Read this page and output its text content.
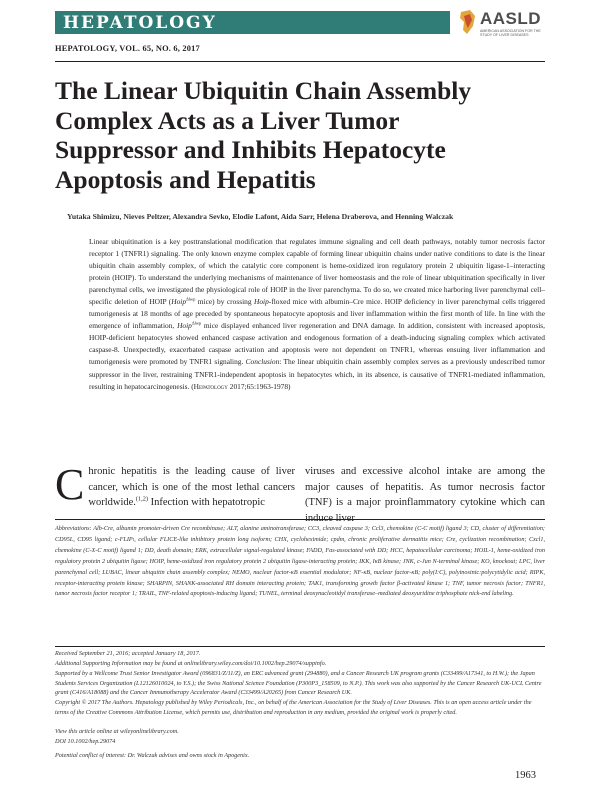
HEPATOLOGY	AASLD
AMERICAN ASSOCIATION FOR THE STUDY OF LIVER DISEASES
HEPATOLOGY, VOL. 65, NO. 6, 2017
The Linear Ubiquitin Chain Assembly Complex Acts as a Liver Tumor Suppressor and Inhibits Hepatocyte Apoptosis and Hepatitis
Yutaka Shimizu, Nieves Peltzer, Alexandra Sevko, Elodie Lafont, Aida Sarr, Helena Draberova, and Henning Walczak

Linear ubiquitination is a key posttranslational modification that regulates immune signaling and cell death pathways, notably tumor necrosis factor receptor 1 (TNFR1) signaling. The only known enzyme complex capable of forming linear ubiquitin chains under native conditions to date is the linear ubiquitin chain assembly complex, of which the catalytic core component is heme-oxidized iron regulatory protein 2 ubiquitin ligase-1–interacting protein (HOIP). To understand the underlying mechanisms of maintenance of liver homeostasis and the role of linear ubiquitination specifically in liver parenchymal cells, we investigated the physiological role of HOIP in the liver parenchyma. To do so, we created mice harboring liver parenchymal cell–specific deletion of HOIP (Hoip$^{\Delta hep}$ mice) by crossing Hoip-floxed mice with albumin–Cre mice. HOIP deficiency in liver parenchymal cells triggered tumorigenesis at 18 months of age preceded by spontaneous hepatocyte apoptosis and liver inflammation within the first month of life. In line with the emergence of inflammation, Hoip$^{\Delta hep}$ mice displayed enhanced liver regeneration and DNA damage. In addition, consistent with increased apoptosis, HOIP-deficient hepatocytes showed enhanced caspase activation and endogenous formation of a death-inducing signaling complex which activated caspase-8. Unexpectedly, exacerbated caspase activation and apoptosis were not dependent on TNFR1, whereas ensuing liver inflammation and tumorigenesis were promoted by TNFR1 signaling. Conclusion: The linear ubiquitin chain assembly complex serves as a previously undescribed tumor suppressor in the liver, restraining TNFR1-independent apoptosis in hepatocytes which, in its absence, is causative of TNFR1-mediated inflammation, resulting in hepatocarcinogenesis. (Hepatology 2017;65:1963-1978)

Chronic hepatitis is the leading cause of liver cancer, which is one of the most lethal cancers worldwide.$^{(1,2)}$ Infection with hepatotropic

viruses and excessive alcohol intake are among the major causes of hepatitis. As tumor necrosis factor (TNF) is a major proinflammatory cytokine which can induce liver

Abbreviations: Alb-Cre, albumin promoter-driven Cre recombinase; ALT, alanine aminotransferase; CC3, cleaved caspase 3; Ccl3, chemokine (C-C motif) ligand 3; CD, cluster of differentiation; CD95L, CD95 ligand; c-FLIPₗ, cellular FLICE-like inhibitory protein long isoform; CHX, cycloheximide; cpdm, chronic proliferative dermatitis mice; Cre, cyclization recombination; Cxcl1, chemokine (C-X-C motif) ligand 1; DD, death domain; ERK, extracellular signal-regulated kinase; FADD, Fas-associated with DD; HCC, hepatocellular carcinoma; HOIL-1, heme-oxidized iron regulatory protein 2 ubiquitin ligase; HOIP, heme-oxidized iron regulatory protein 2 ubiquitin ligase-interacting protein; IKK, IκB kinase; JNK, c-Jun N-terminal kinase; KO, knockout; LPC, liver parenchymal cell; LUBAC, linear ubiquitin chain assembly complex; NEMO, nuclear factor-κB essential modulator; NF-κB, nuclear factor-κB; poly(I:C), polyinosinic:polycytidylic acid; RIPK, receptor-interacting protein kinase; SHARPIN, SHANK-associated RH domain interacting protein; TAK1, transforming growth factor β-activated kinase 1; TNF, tumor necrosis factor; TNFR1, tumor necrosis factor receptor 1; TRAIL, TNF-related apoptosis-inducing ligand; TUNEL, terminal deoxynucleotidyl transferase–mediated deoxyuridine triphosphate nick-end labeling.

Received September 21, 2016; accepted January 18, 2017.

Additional Supporting Information may be found at onlinelibrary.wiley.com/doi/10.1002/hep.29074/suppinfo.

Supported by a Wellcome Trust Senior Investigator Award (096831/Z/11/Z), an ERC advanced grant (294880), and a Cancer Research UK program grants (C33499/A17341, to H.W.); the Japan Students Services Organization (L12126010024, to Y.S.); the Swiss National Science Foundation (P300P3_158509, to N.P.). This work was also supported by the Cancer Research UK-UCL Centre grant (C416/A18088) and the Cancer Immunotherapy Accelerator Award (C33499/A20265) from Cancer Research UK.

Copyright © 2017 The Authors. Hepatology published by Wiley Periodicals, Inc., on behalf of the American Association for the Study of Liver Diseases. This is an open access article under the terms of the Creative Commons Attribution License, which permits use, distribution and reproduction in any medium, provided the original work is properly cited.

View this article online at wileyonlinelibrary.com.

DOI 10.1002/hep.29074

Potential conflict of interest: Dr. Walczak advises and owns stock in Apogenix.

1963
